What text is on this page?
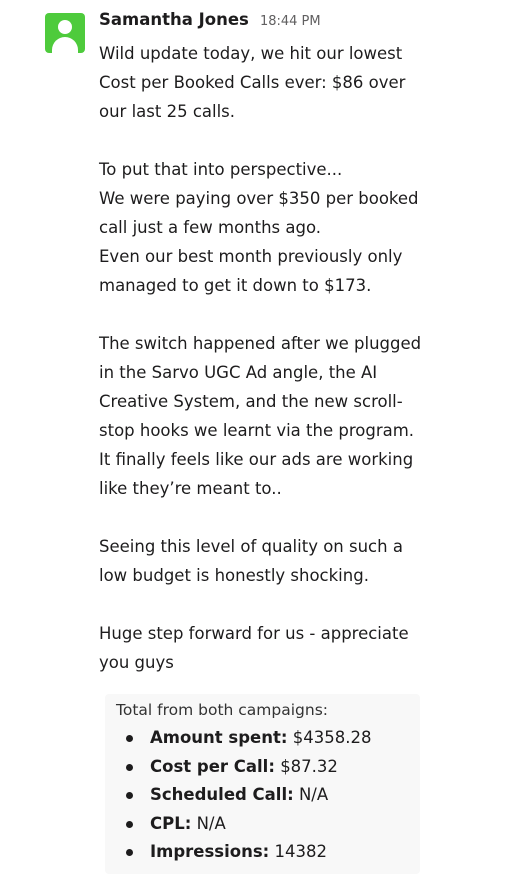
Samantha Jones 18:44 PM

Wild update today, we hit our lowest
Cost per Booked Calls ever: $86 over
our last 25 calls.

To put that into perspective...
We were paying over $350 per booked
call just a few months ago.
Even our best month previously only
managed to get it down to $173.

The switch happened after we plugged
in the Sarvo UGC Ad angle, the AI
Creative System, and the new scroll-
stop hooks we learnt via the program.
It finally feels like our ads are working
like they’re meant to..

Seeing this level of quality on such a
low budget is honestly shocking.

Huge step forward for us - appreciate
you guys

Total from both campaigns:
Amount spent: $4358.28
Cost per Call: $87.32
Scheduled Call: N/A
CPL: N/A
Impressions: 14382
